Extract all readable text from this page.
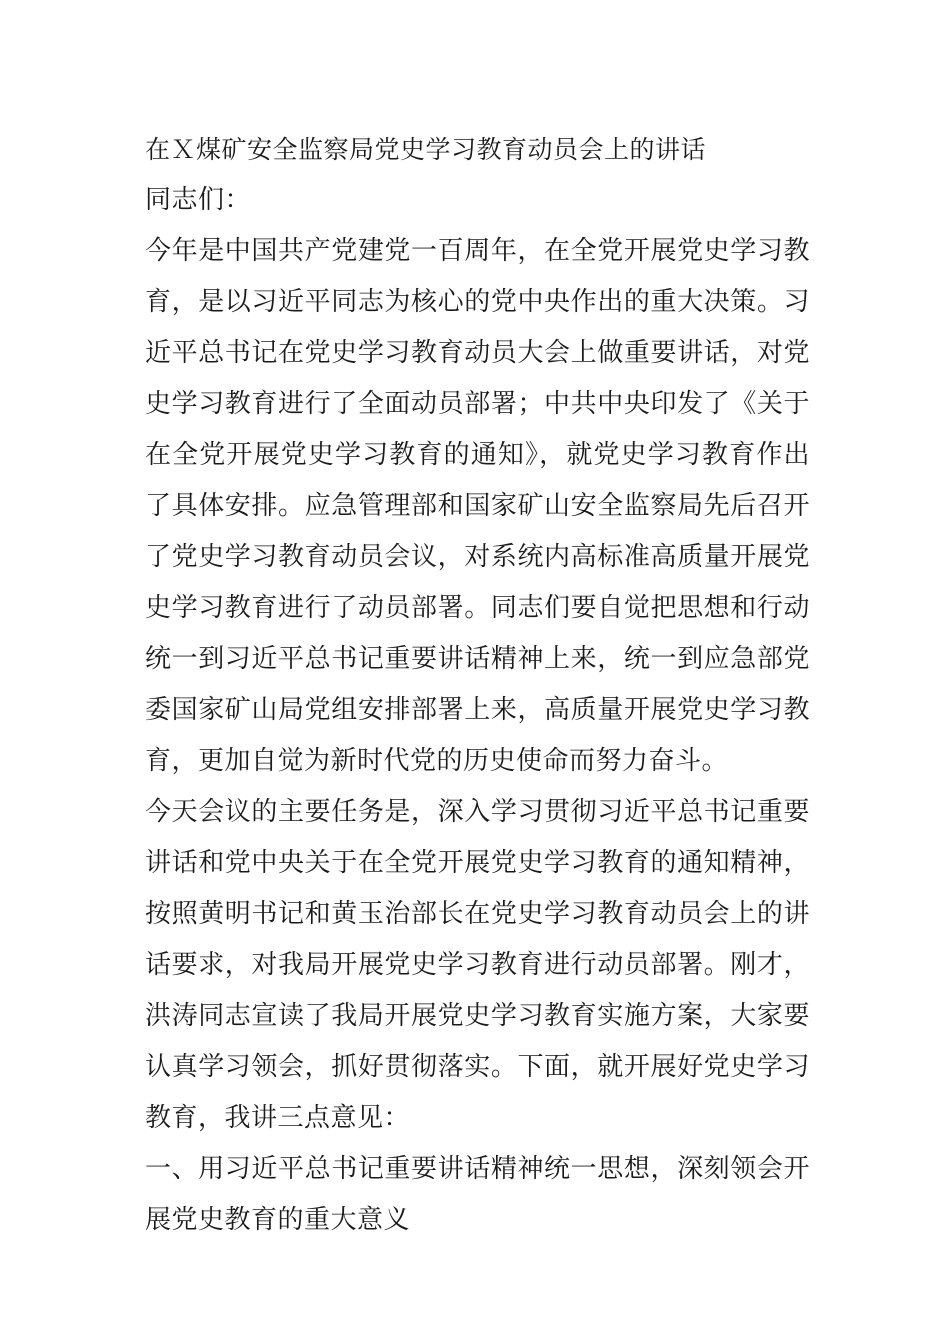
在Ｘ煤矿安全监察局党史学习教育动员会上的讲话

同志们：

今年是中国共产党建党一百周年，在全党开展党史学习教育，是以习近平同志为核心的党中央作出的重大决策。习近平总书记在党史学习教育动员大会上做重要讲话，对党史学习教育进行了全面动员部署；中共中央印发了《关于在全党开展党史学习教育的通知》，就党史学习教育作出了具体安排。应急管理部和国家矿山安全监察局先后召开了党史学习教育动员会议，对系统内高标准高质量开展党史学习教育进行了动员部署。同志们要自觉把思想和行动统一到习近平总书记重要讲话精神上来，统一到应急部党委国家矿山局党组安排部署上来，高质量开展党史学习教育，更加自觉为新时代党的历史使命而努力奋斗。

今天会议的主要任务是，深入学习贯彻习近平总书记重要讲话和党中央关于在全党开展党史学习教育的通知精神，按照黄明书记和黄玉治部长在党史学习教育动员会上的讲话要求，对我局开展党史学习教育进行动员部署。刚才，洪涛同志宣读了我局开展党史学习教育实施方案，大家要认真学习领会，抓好贯彻落实。下面，就开展好党史学习教育，我讲三点意见：

一、用习近平总书记重要讲话精神统一思想，深刻领会开展党史教育的重大意义
